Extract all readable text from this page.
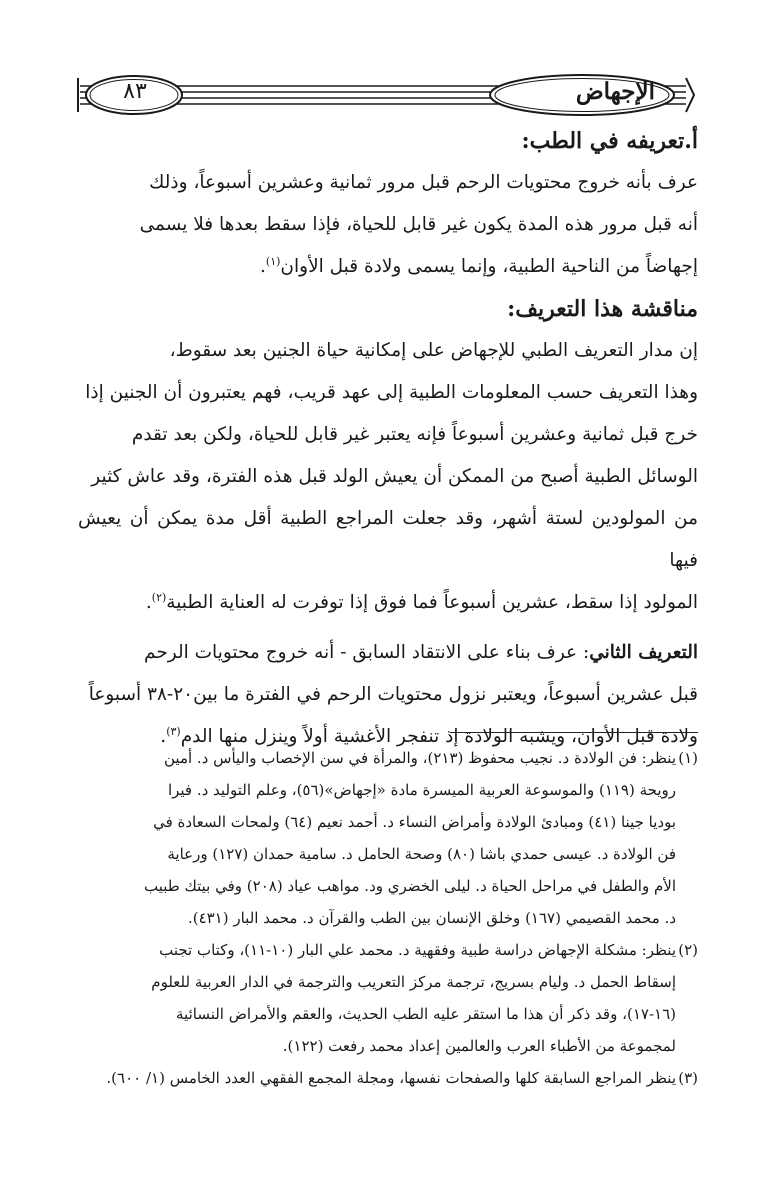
الإجهاض
٨٣
أ.تعريفه في الطب:

عرف بأنه خروج محتويات الرحم قبل مرور ثمانية وعشرين أسبوعاً، وذلك

أنه قبل مرور هذه المدة يكون غير قابل للحياة، فإذا سقط بعدها فلا يسمى

إجهاضاً من الناحية الطبية، وإنما يسمى ولادة قبل الأوان$^{(١)}$.

مناقشة هذا التعريف:

إن مدار التعريف الطبي للإجهاض على إمكانية حياة الجنين بعد سقوط،

وهذا التعريف حسب المعلومات الطبية إلى عهد قريب، فهم يعتبرون أن الجنين إذا

خرج قبل ثمانية وعشرين أسبوعاً فإنه يعتبر غير قابل للحياة، ولكن بعد تقدم

الوسائل الطبية أصبح من الممكن أن يعيش الولد قبل هذه الفترة، وقد عاش كثير

من المولودين لستة أشهر، وقد جعلت المراجع الطبية أقل مدة يمكن أن يعيش فيها

المولود إذا سقط، عشرين أسبوعاً فما فوق إذا توفرت له العناية الطبية$^{(٢)}$.

التعريف الثاني: عرف بناء على الانتقاد السابق - أنه خروج محتويات الرحم

قبل عشرين أسبوعاً، ويعتبر نزول محتويات الرحم في الفترة ما بين٢٠-٣٨ أسبوعاً

ولادة قبل الأوان، ويشبه الولادة إذ تنفجر الأغشية أولاً وينزل منها الدم$^{(٣)}$.

(١)
ينظر: فن الولادة د. نجيب محفوظ (٢١٣)، والمرأة في سن الإخصاب واليأس د. أمين
رويحة (١١٩) والموسوعة العربية الميسرة مادة «إجهاض»(٥٦)، وعلم التوليد د. فيرا
بوديا جينا (٤١) ومبادئ الولادة وأمراض النساء د. أحمد نعيم (٦٤) ولمحات السعادة في
فن الولادة د. عيسى حمدي باشا (٨٠) وصحة الحامل د. سامية حمدان (١٢٧) ورعاية
الأم والطفل في مراحل الحياة د. ليلى الخضري ود. مواهب عياد (٢٠٨) وفي بيتك طبيب
د. محمد القصيمي (١٦٧) وخلق الإنسان بين الطب والقرآن د. محمد البار (٤٣١).
(٢)
ينظر: مشكلة الإجهاض دراسة طبية وفقهية د. محمد علي البار (١٠-١١)، وكتاب تجنب
إسقاط الحمل د. وليام بسريج، ترجمة مركز التعريب والترجمة في الدار العربية للعلوم
(١٦-١٧)، وقد ذكر أن هذا ما استقر عليه الطب الحديث، والعقم والأمراض النسائية
لمجموعة من الأطباء العرب والعالمين إعداد محمد رفعت (١٢٢).
(٣)
ينظر المراجع السابقة كلها والصفحات نفسها، ومجلة المجمع الفقهي العدد الخامس (١/ ٦٠٠).
